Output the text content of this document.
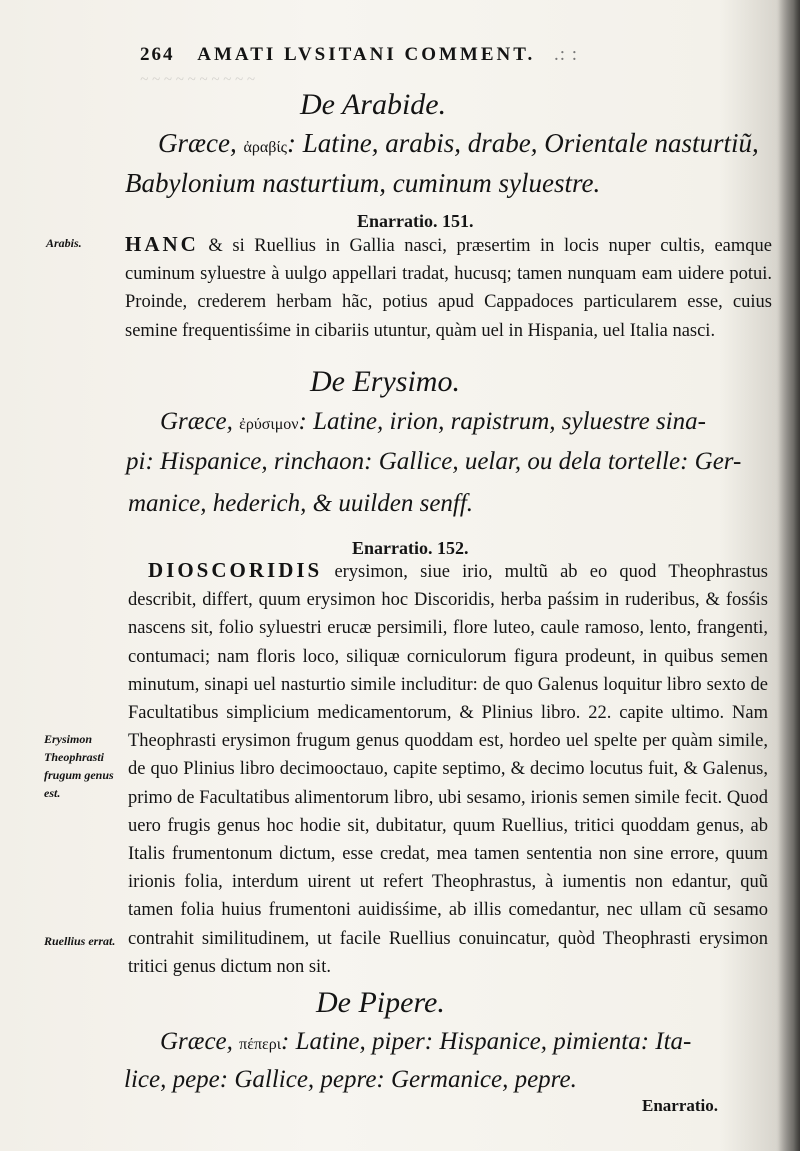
~ ~ ~ ~ ~ ~ ~ ~ ~ ~
264 AMATI LVSITANI COMMENT. .: :
De Arabide.
Græce, ἀραβίς: Latine, arabis, drabe, Orientale nasturtiũ,
Babylonium nasturtium, cuminum syluestre.
Enarratio. 151.
Arabis.	HANC & si Ruellius in Gallia nasci, præsertim in locis nuper cultis, eamque cuminum syluestre à uulgo appellari tradat, hucusq; tamen nunquam eam uidere potui. Proinde, crederem herbam hãc, potius apud Cappadoces particularem esse, cuius semine frequentisśime in cibariis utuntur, quàm uel in Hispania, uel Italia nasci.
De Erysimo.
Græce, ἐρύσιμον: Latine, irion, rapistrum, syluestre sina-
pi: Hispanice, rinchaon: Gallice, uelar, ou dela tortelle: Ger-
manice, hederich, & uuilden senff.
Enarratio. 152.
Erysimon Theophrasti frugum genus est.
Ruellius errat.
DIOSCORIDIS erysimon, siue irio, multũ ab eo quod Theophrastus describit, differt, quum erysimon hoc Discoridis, herba paśsim in ruderibus, & fosśis nascens sit, folio syluestri erucæ persimili, flore luteo, caule ramoso, lento, frangenti, contumaci; nam floris loco, siliquæ corniculorum figura prodeunt, in quibus semen minutum, sinapi uel nasturtio simile includitur: de quo Galenus loquitur libro sexto de Facultatibus simplicium medicamentorum, & Plinius libro. 22. capite ultimo. Nam Theophrasti erysimon frugum genus quoddam est, hordeo uel spelte per quàm simile, de quo Plinius libro decimooctauo, capite septimo, & decimo locutus fuit, & Galenus, primo de Facultatibus alimentorum libro, ubi sesamo, irionis semen simile fecit. Quod uero frugis genus hoc hodie sit, dubitatur, quum Ruellius, tritici quoddam genus, ab Italis frumentonum dictum, esse credat, mea tamen sententia non sine errore, quum irionis folia, interdum uirent ut refert Theophrastus, à iumentis non edantur, quũ tamen folia huius frumentoni auidisśime, ab illis comedantur, nec ullam cũ sesamo contrahit similitudinem, ut facile Ruellius conuincatur, quòd Theophrasti erysimon tritici genus dictum non sit.
De Pipere.
Græce, πέπερι: Latine, piper: Hispanice, pimienta: Ita-
lice, pepe: Gallice, pepre: Germanice, pepre.
Enarratio.
